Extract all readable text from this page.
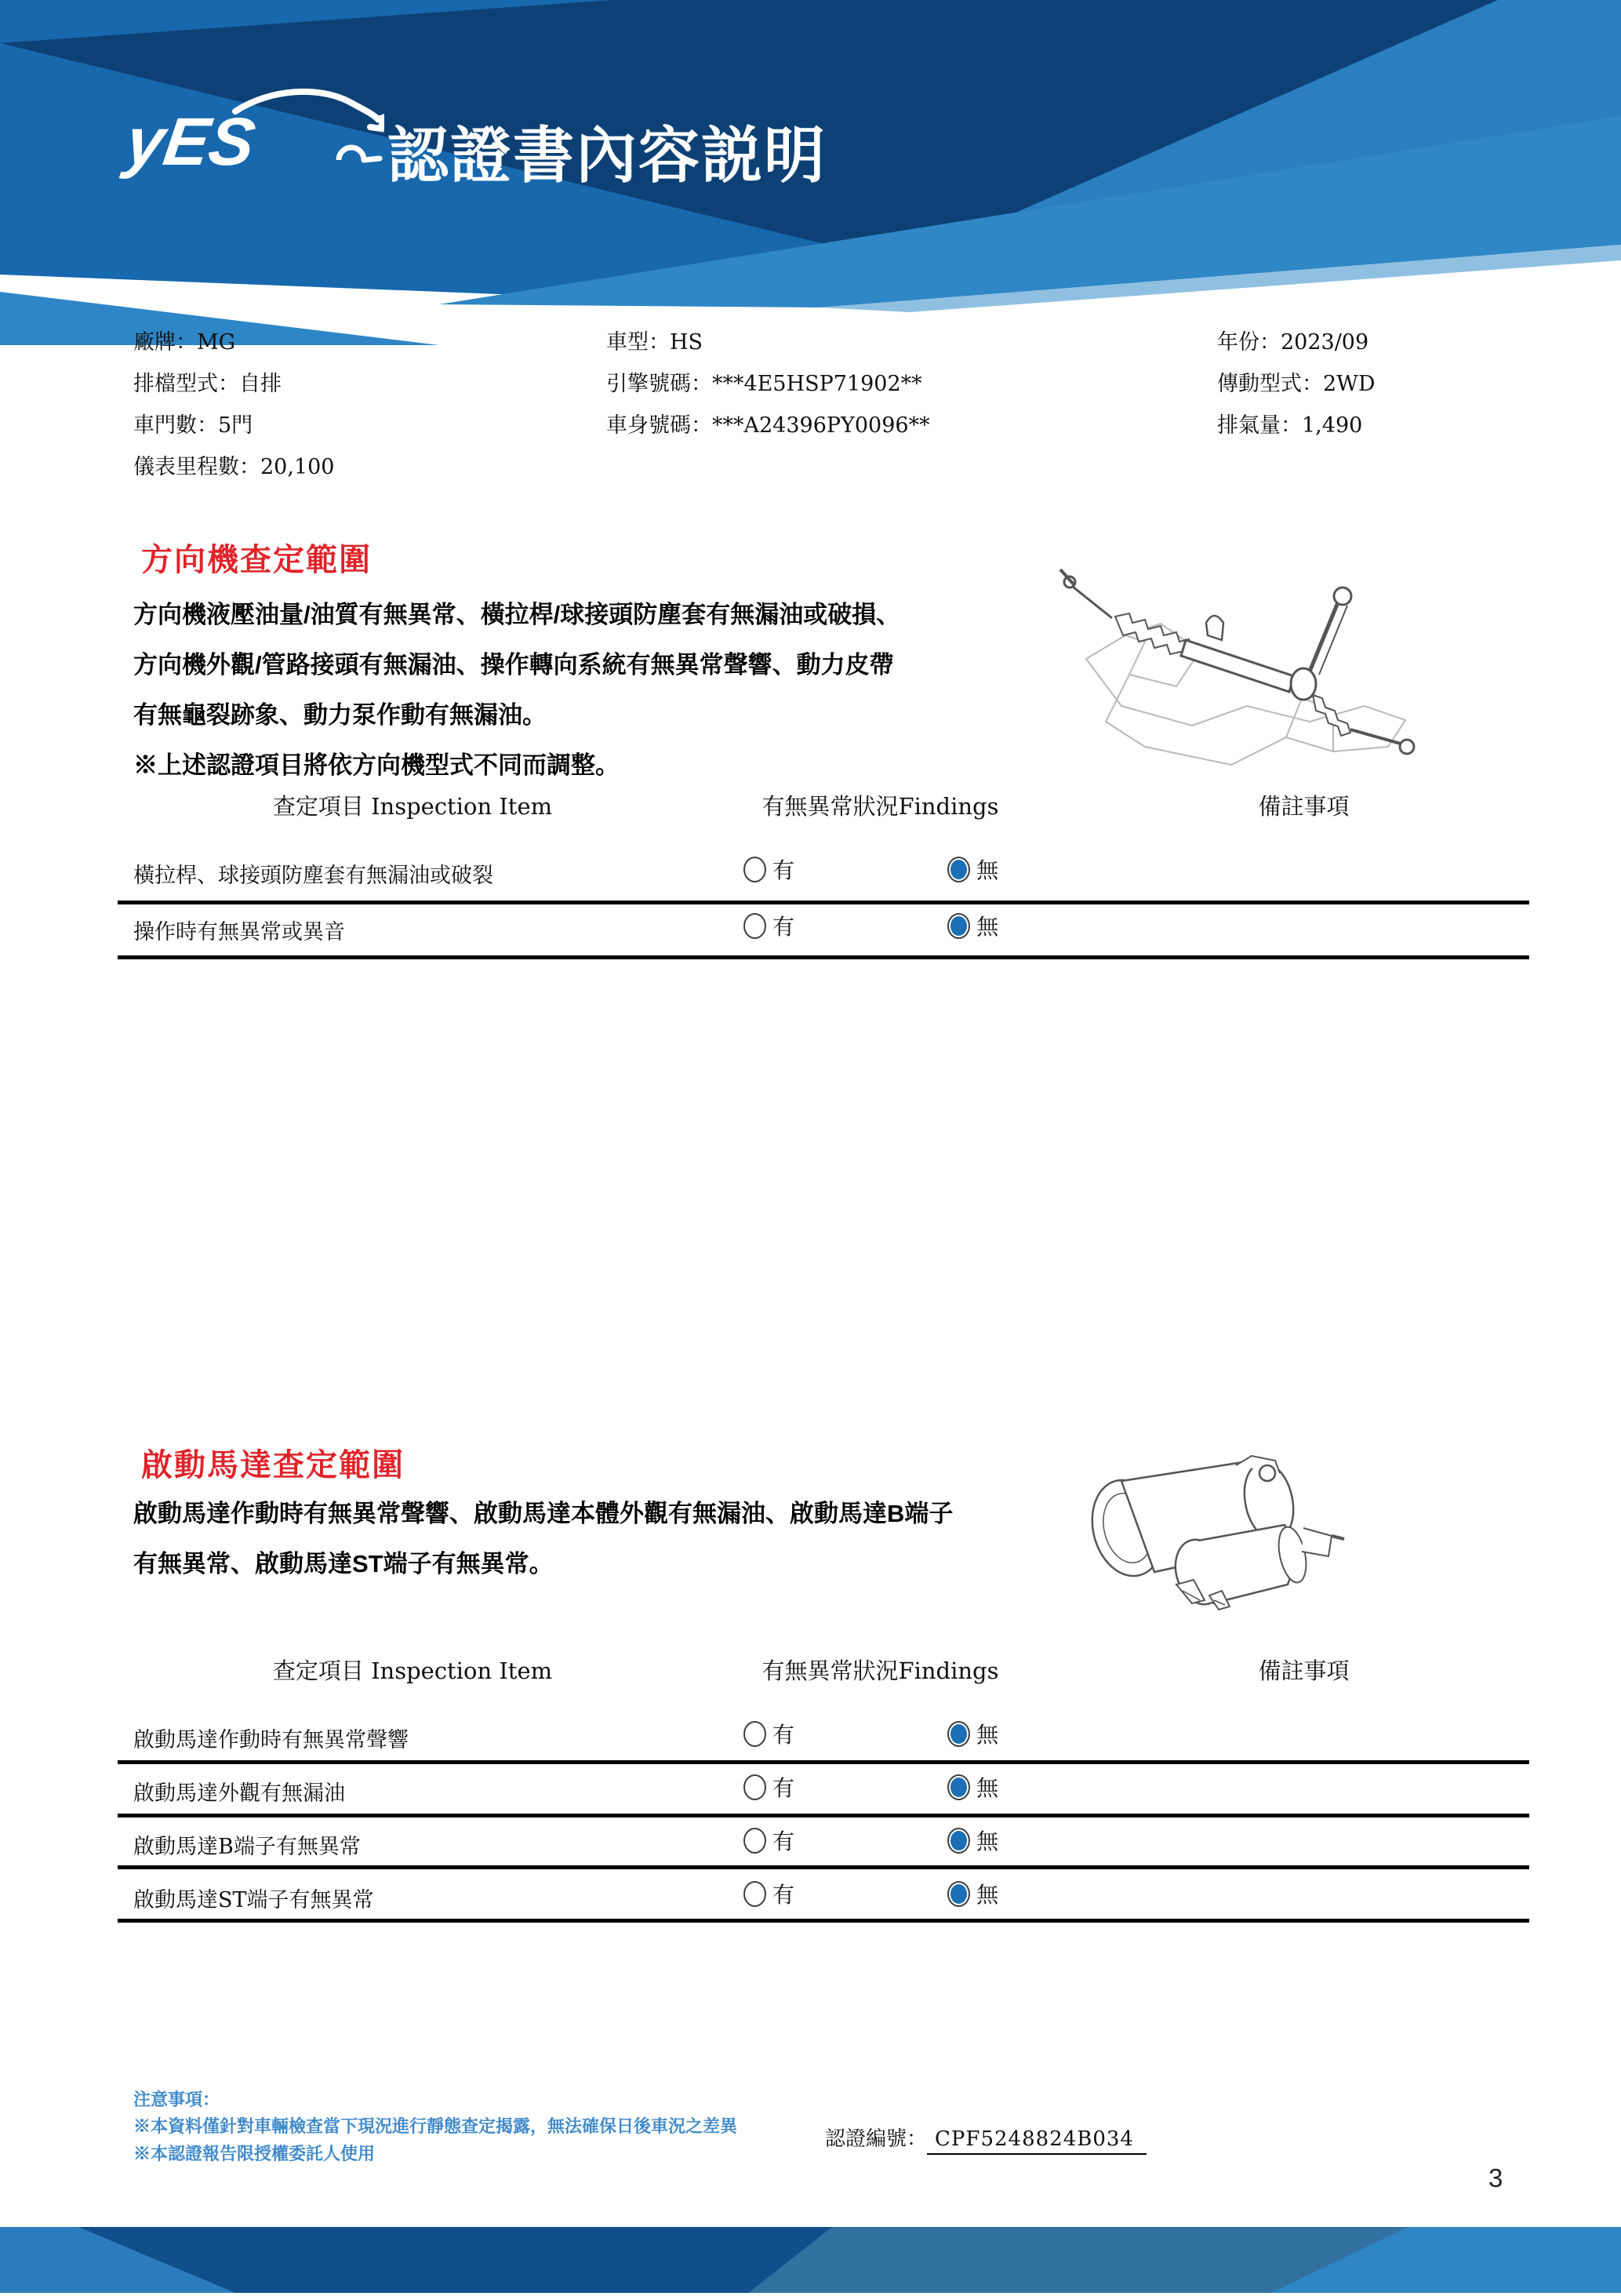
yES 認證書內容説明
廠牌：MG
排檔型式：自排
車門數：5門
儀表里程數：20,100
車型：HS
引擎號碼：***4E5HSP71902**
車身號碼：***A24396PY0096**
年份：2023/09
傳動型式：2WD
排氣量：1,490
方向機查定範圍
方向機液壓油量/油質有無異常、橫拉桿/球接頭防塵套有無漏油或破損、
方向機外觀/管路接頭有無漏油、操作轉向系統有無異常聲響、動力皮帶
有無龜裂跡象、動力泵作動有無漏油。
※上述認證項目將依方向機型式不同而調整。
查定項目 Inspection Item	有無異常狀況Findings	備註事項
橫拉桿、球接頭防塵套有無漏油或破裂	有	無
操作時有無異常或異音	有	無
啟動馬達查定範圍
啟動馬達作動時有無異常聲響、啟動馬達本體外觀有無漏油、啟動馬達B端子
有無異常、啟動馬達ST端子有無異常。
查定項目 Inspection Item	有無異常狀況Findings	備註事項
啟動馬達作動時有無異常聲響	有	無
啟動馬達外觀有無漏油	有	無
啟動馬達B端子有無異常	有	無
啟動馬達ST端子有無異常	有	無
注意事項：
※本資料僅針對車輛檢查當下現況進行靜態查定揭露，無法確保日後車況之差異
※本認證報告限授權委託人使用
認證編號： CPF5248824B034
3
